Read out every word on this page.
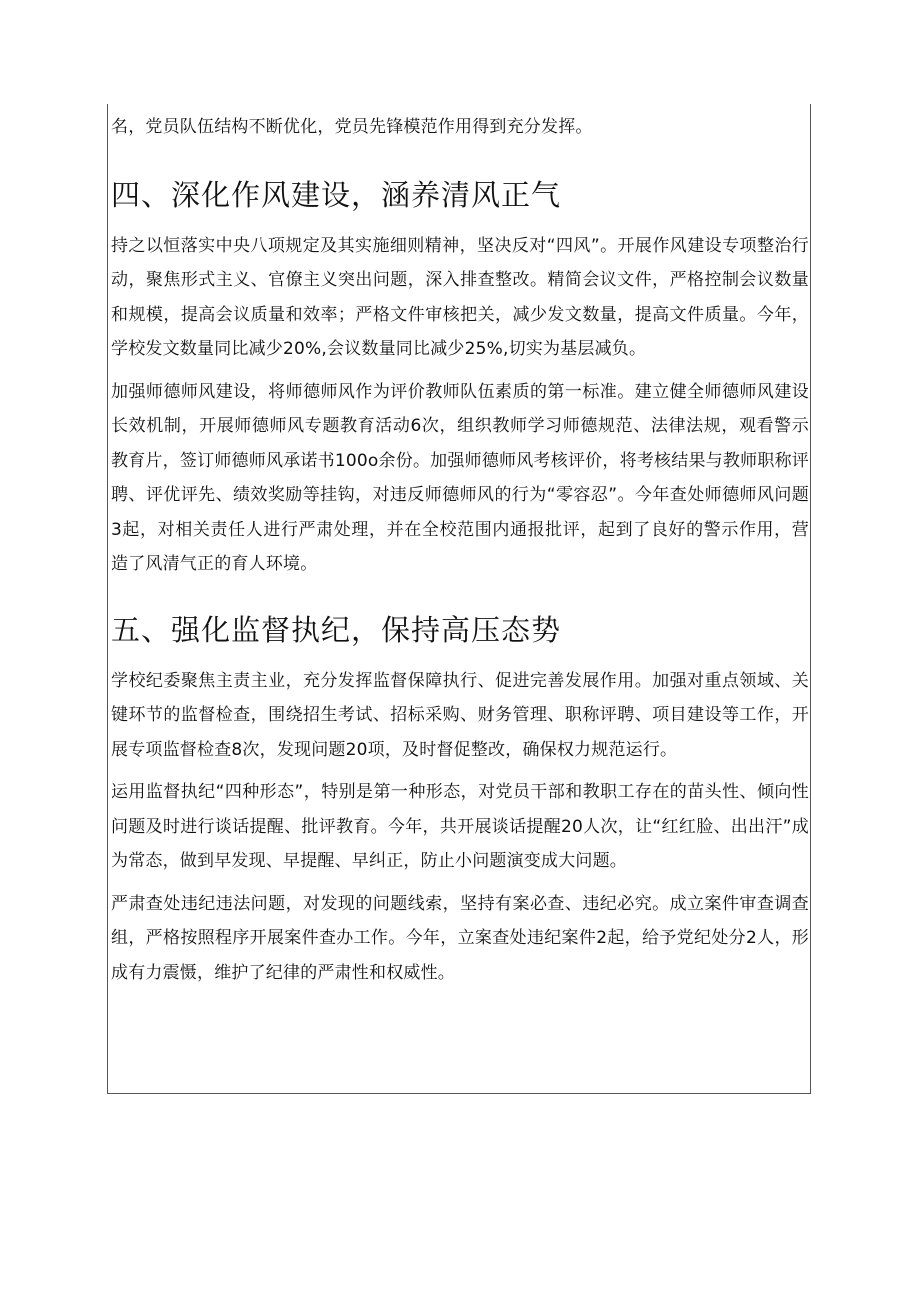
名，党员队伍结构不断优化，党员先锋模范作用得到充分发挥。

四、深化作风建设，涵养清风正气

持之以恒落实中央八项规定及其实施细则精神，坚决反对“四风”。开展作风建设专项整治行动，聚焦形式主义、官僚主义突出问题，深入排查整改。精简会议文件，严格控制会议数量和规模，提高会议质量和效率；严格文件审核把关，减少发文数量，提高文件质量。今年，学校发文数量同比减少20%,会议数量同比减少25%,切实为基层减负。

加强师德师风建设，将师德师风作为评价教师队伍素质的第一标准。建立健全师德师风建设长效机制，开展师德师风专题教育活动6次，组织教师学习师德规范、法律法规，观看警示教育片，签订师德师风承诺书100o余份。加强师德师风考核评价，将考核结果与教师职称评聘、评优评先、绩效奖励等挂钩，对违反师德师风的行为“零容忍”。今年查处师德师风问题3起，对相关责任人进行严肃处理，并在全校范围内通报批评，起到了良好的警示作用，营造了风清气正的育人环境。

五、强化监督执纪，保持高压态势

学校纪委聚焦主责主业，充分发挥监督保障执行、促进完善发展作用。加强对重点领域、关键环节的监督检查，围绕招生考试、招标采购、财务管理、职称评聘、项目建设等工作，开展专项监督检查8次，发现问题20项，及时督促整改，确保权力规范运行。

运用监督执纪“四种形态”，特别是第一种形态，对党员干部和教职工存在的苗头性、倾向性问题及时进行谈话提醒、批评教育。今年，共开展谈话提醒20人次，让“红红脸、出出汗”成为常态，做到早发现、早提醒、早纠正，防止小问题演变成大问题。

严肃查处违纪违法问题，对发现的问题线索，坚持有案必查、违纪必究。成立案件审查调查组，严格按照程序开展案件查办工作。今年，立案查处违纪案件2起，给予党纪处分2人，形成有力震慑，维护了纪律的严肃性和权威性。
